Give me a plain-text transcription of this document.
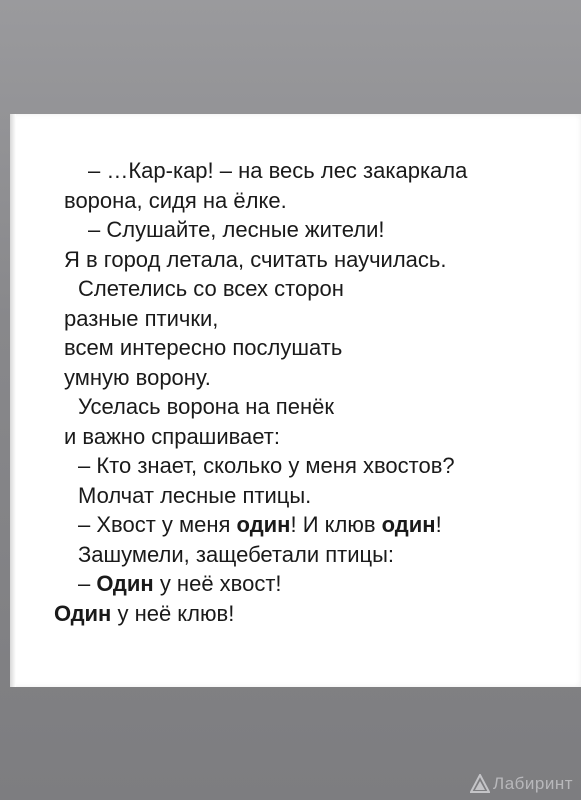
– …Кар-кар! – на весь лес закаркала
ворона, сидя на ёлке.
– Слушайте, лесные жители!
Я в город летала, считать научилась.
Слетелись со всех сторон
разные птички,
всем интересно послушать
умную ворону.
Уселась ворона на пенёк
и важно спрашивает:
– Кто знает, сколько у меня хвостов?
Молчат лесные птицы.
– Хвост у меня один! И клюв один!
Зашумели, защебетали птицы:
– Один у неё хвост!
Один у неё клюв!
Лабиринт
